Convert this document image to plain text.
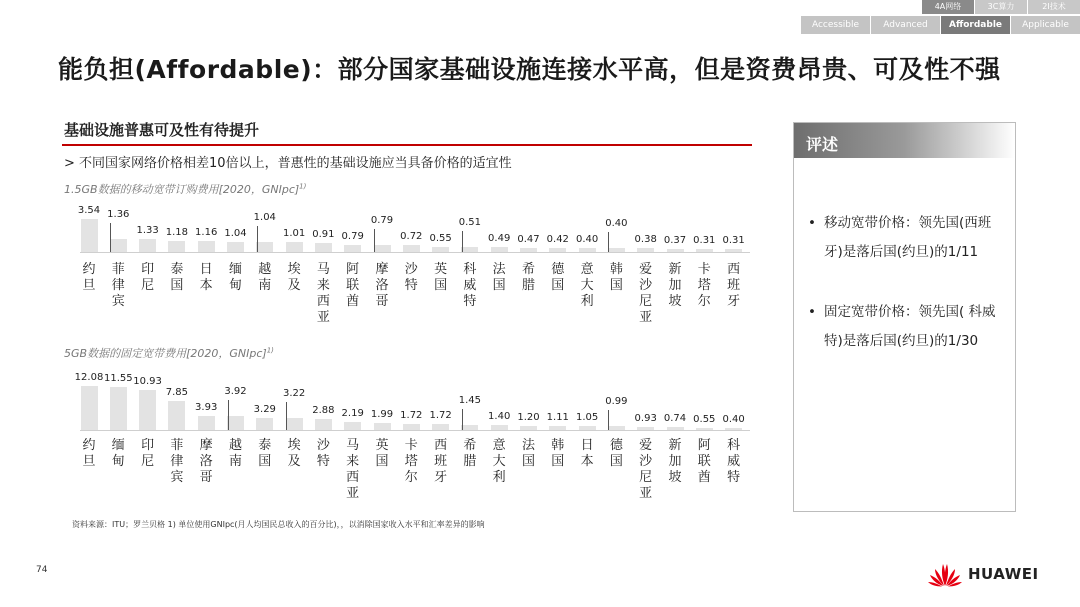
4A网络	3C算力	2I技术
Accessible	Advanced	Affordable	Applicable
能负担(Affordable)：部分国家基础设施连接水平高，但是资费昂贵、可及性不强
基础设施普惠可及性有待提升
> 不同国家网络价格相差10倍以上，普惠性的基础设施应当具备价格的适宜性
1.5GB数据的移动宽带订购费用[2020，GNIpc]$^{1)}$
5GB数据的固定宽带费用[2020，GNIpc]$^{1)}$
资料来源：ITU；罗兰贝格 1) 单位使用GNIpc(月人均国民总收入的百分比)，，以消除国家收入水平和汇率差异的影响
评述
• 移动宽带价格：领先国(西班牙)是落后国(约旦)的1/11
• 固定宽带价格：领先国( 科威特)是落后国(约旦)的1/30
74	HUAWEI
3.54
约旦
1.36
菲律宾
1.33
印尼
1.18
泰国
1.16
日本
1.04
缅甸
1.04
越南
1.01
埃及
0.91
马来西亚
0.79
阿联酋
0.79
摩洛哥
0.72
沙特
0.55
英国
0.51
科威特
0.49
法国
0.47
希腊
0.42
德国
0.40
意大利
0.40
韩国
0.38
爱沙尼亚
0.37
新加坡
0.31
卡塔尔
0.31
西班牙
12.08
约旦
11.55
缅甸
10.93
印尼
7.85
菲律宾
3.93
摩洛哥
3.92
越南
3.29
泰国
3.22
埃及
2.88
沙特
2.19
马来西亚
1.99
英国
1.72
卡塔尔
1.72
西班牙
1.45
希腊
1.40
意大利
1.20
法国
1.11
韩国
1.05
日本
0.99
德国
0.93
爱沙尼亚
0.74
新加坡
0.55
阿联酋
0.40
科威特
